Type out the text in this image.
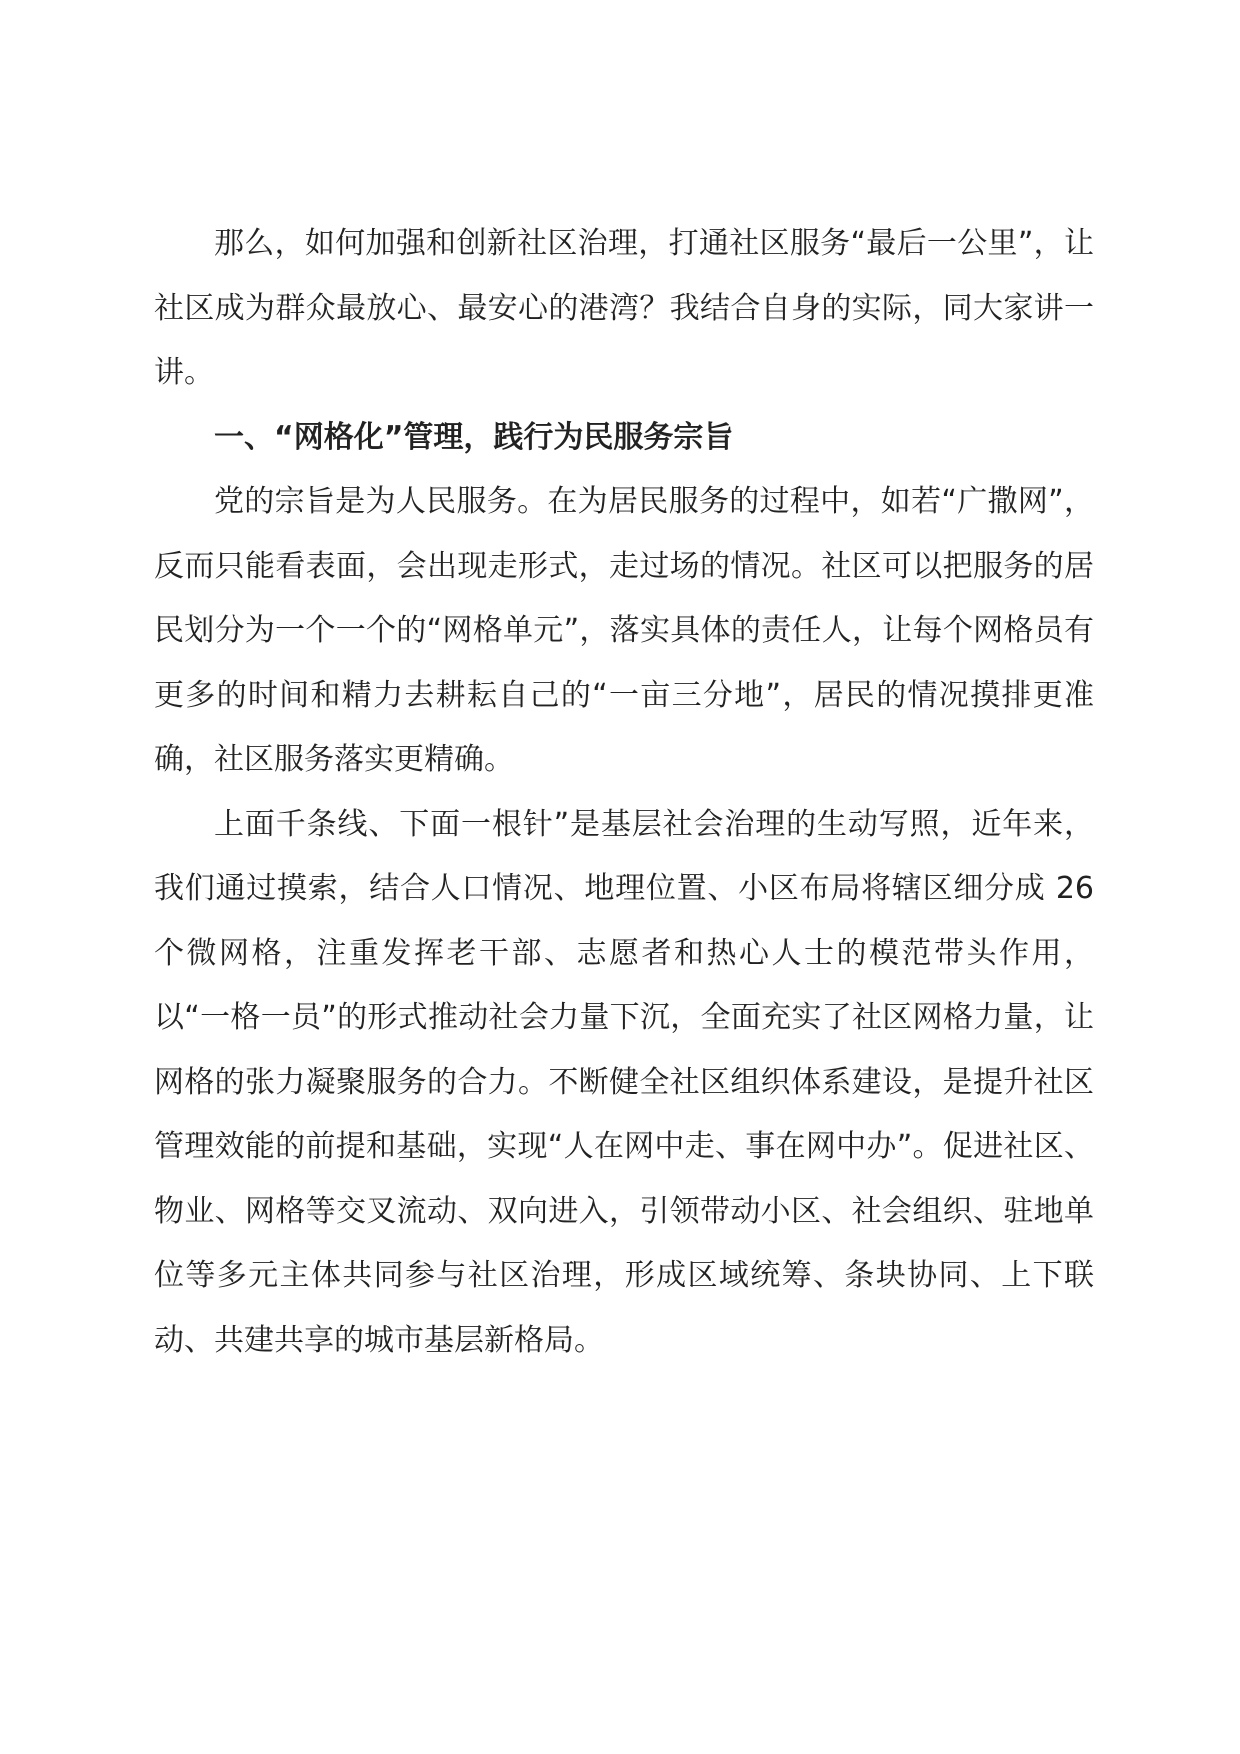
那么，如何加强和创新社区治理，打通社区服务“最后一公里”，让社区成为群众最放心、最安心的港湾？我结合自身的实际，同大家讲一讲。

一、“网格化”管理，践行为民服务宗旨

党的宗旨是为人民服务。在为居民服务的过程中，如若“广撒网”，反而只能看表面，会出现走形式，走过场的情况。社区可以把服务的居民划分为一个一个的“网格单元”，落实具体的责任人，让每个网格员有更多的时间和精力去耕耘自己的“一亩三分地”，居民的情况摸排更准确，社区服务落实更精确。

上面千条线、下面一根针”是基层社会治理的生动写照，近年来，我们通过摸索，结合人口情况、地理位置、小区布局将辖区细分成 26 个微网格，注重发挥老干部、志愿者和热心人士的模范带头作用，以“一格一员”的形式推动社会力量下沉，全面充实了社区网格力量，让网格的张力凝聚服务的合力。不断健全社区组织体系建设，是提升社区管理效能的前提和基础，实现“人在网中走、事在网中办”。促进社区、物业、网格等交叉流动、双向进入，引领带动小区、社会组织、驻地单位等多元主体共同参与社区治理，形成区域统筹、条块协同、上下联动、共建共享的城市基层新格局。
